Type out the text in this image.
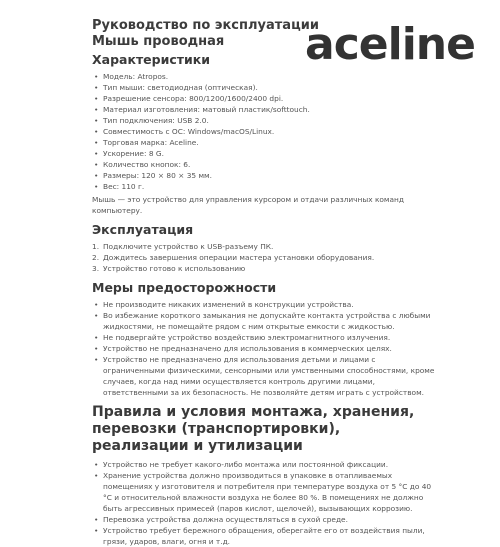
Руководство по эксплуатации
Мышь проводная	aceline
Характеристики
• Модель: Atropos.
• Тип мыши: светодиодная (оптическая).
• Разрешение сенсора: 800/1200/1600/2400 dpi.
• Материал изготовления: матовый пластик/softtouch.
• Тип подключения: USB 2.0.
• Совместимость с ОС: Windows/macOS/Linux.
• Торговая марка: Aceline.
• Ускорение: 8 G.
• Количество кнопок: 6.
• Размеры: 120 × 80 × 35 мм.
• Вес: 110 г.
Мышь — это устройство для управления курсором и отдачи различных команд компьютеру.
Эксплуатация
1. Подключите устройство к USB-разъему ПК.
2. Дождитесь завершения операции мастера установки оборудования.
3. Устройство готово к использованию
Меры предосторожности
• Не производите никаких изменений в конструкции устройства.
• Во избежание короткого замыкания не допускайте контакта устройства с любыми жидкостями, не помещайте рядом с ним открытые емкости с жидкостью.
• Не подвергайте устройство воздействию электромагнитного излучения.
• Устройство не предназначено для использования в коммерческих целях.
• Устройство не предназначено для использования детьми и лицами с ограниченными физическими, сенсорными или умственными способностями, кроме случаев, когда над ними осуществляется контроль другими лицами, ответственными за их безопасность. Не позволяйте детям играть с устройством.
Правила и условия монтажа, хранения, перевозки (транспортировки), реализации и утилизации
• Устройство не требует какого-либо монтажа или постоянной фиксации.
• Хранение устройства должно производиться в упаковке в отапливаемых помещениях у изготовителя и потребителя при температуре воздуха от 5 °С до 40 °С и относительной влажности воздуха не более 80 %. В помещениях не должно быть агрессивных примесей (паров кислот, щелочей), вызывающих коррозию.
• Перевозка устройства должна осуществляться в сухой среде.
• Устройство требует бережного обращения, оберегайте его от воздействия пыли, грязи, ударов, влаги, огня и т.д.
